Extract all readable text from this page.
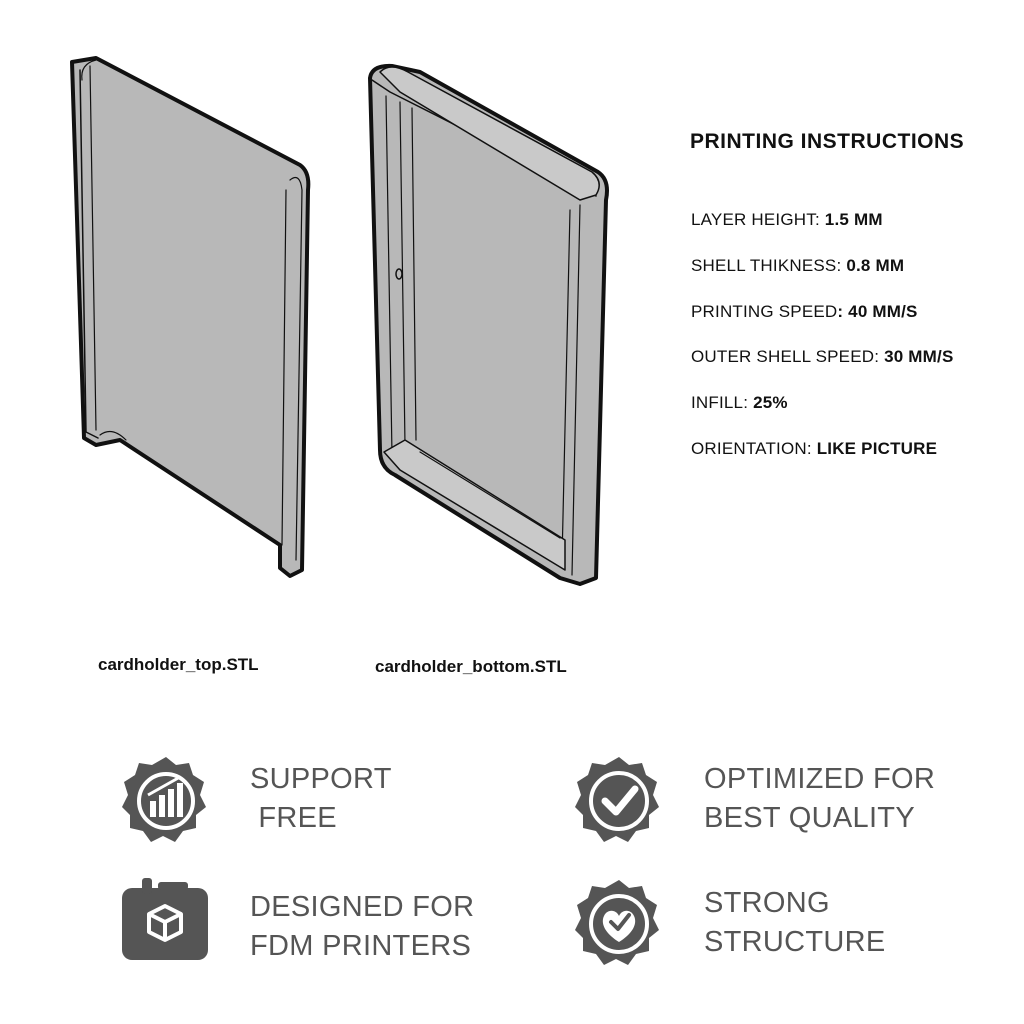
PRINTING INSTRUCTIONS
LAYER HEIGHT: 1.5 MM
SHELL THIKNESS: 0.8 MM
PRINTING SPEED: 40 MM/S
OUTER SHELL SPEED: 30 MM/S
INFILL: 25%
ORIENTATION: LIKE PICTURE
cardholder_top.STL	cardholder_bottom.STL
SUPPORT
FREE
OPTIMIZED FOR
BEST QUALITY
DESIGNED FOR
FDM PRINTERS
STRONG
STRUCTURE
